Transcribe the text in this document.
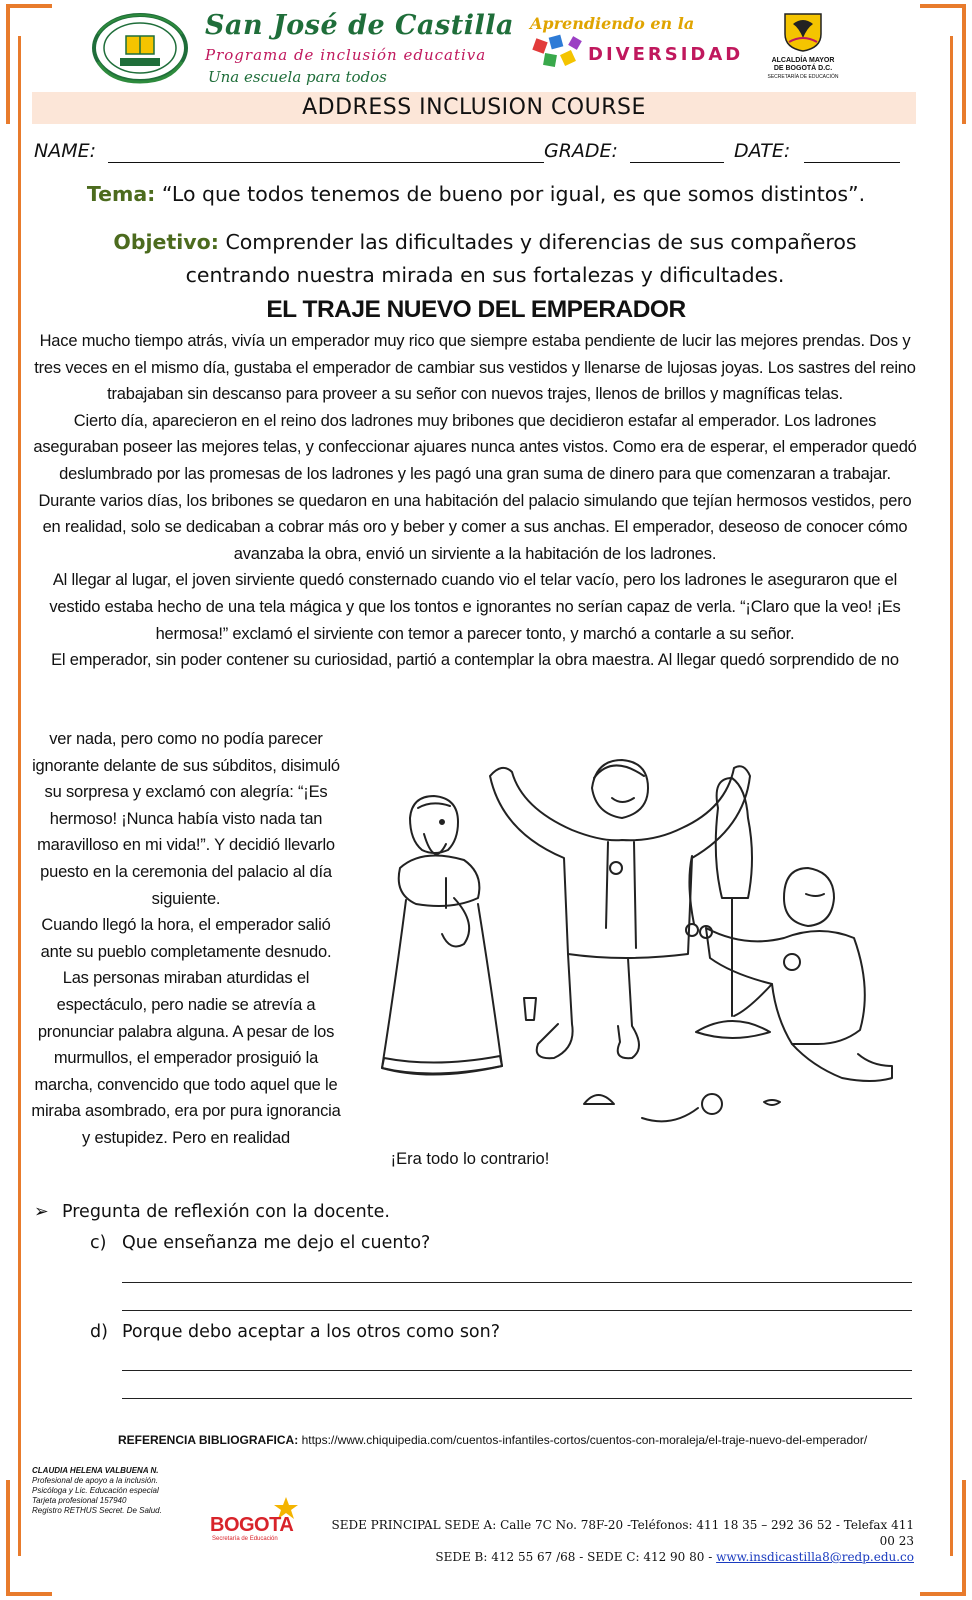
San José de Castilla
Programa de inclusión educativa
Una escuela para todos
Aprendiendo en la
DIVERSIDAD	ALCALDÍA MAYOR
DE BOGOTÁ D.C.
SECRETARÍA DE EDUCACIÓN
ADDRESS INCLUSION COURSE
NAME:	GRADE:	DATE:
Tema: “Lo que todos tenemos de bueno por igual, es que somos distintos”.
Objetivo: Comprender las dificultades y diferencias de sus compañeros centrando nuestra mirada en sus fortalezas y dificultades.
EL TRAJE NUEVO DEL EMPERADOR

Hace mucho tiempo atrás, vivía un emperador muy rico que siempre estaba pendiente de lucir las mejores prendas. Dos y tres veces en el mismo día, gustaba el emperador de cambiar sus vestidos y llenarse de lujosas joyas. Los sastres del reino trabajaban sin descanso para proveer a su señor con nuevos trajes, llenos de brillos y magníficas telas.

Cierto día, aparecieron en el reino dos ladrones muy bribones que decidieron estafar al emperador. Los ladrones aseguraban poseer las mejores telas, y confeccionar ajuares nunca antes vistos. Como era de esperar, el emperador quedó deslumbrado por las promesas de los ladrones y les pagó una gran suma de dinero para que comenzaran a trabajar.

Durante varios días, los bribones se quedaron en una habitación del palacio simulando que tejían hermosos vestidos, pero en realidad, solo se dedicaban a cobrar más oro y beber y comer a sus anchas. El emperador, deseoso de conocer cómo avanzaba la obra, envió un sirviente a la habitación de los ladrones.

Al llegar al lugar, el joven sirviente quedó consternado cuando vio el telar vacío, pero los ladrones le aseguraron que el vestido estaba hecho de una tela mágica y que los tontos e ignorantes no serían capaz de verla. “¡Claro que la veo! ¡Es hermosa!” exclamó el sirviente con temor a parecer tonto, y marchó a contarle a su señor.

El emperador, sin poder contener su curiosidad, partió a contemplar la obra maestra. Al llegar quedó sorprendido de no

ver nada, pero como no podía parecer ignorante delante de sus súbditos, disimuló su sorpresa y exclamó con alegría: “¡Es hermoso! ¡Nunca había visto nada tan maravilloso en mi vida!”. Y decidió llevarlo puesto en la ceremonia del palacio al día siguiente.
Cuando llegó la hora, el emperador salió ante su pueblo completamente desnudo. Las personas miraban aturdidas el espectáculo, pero nadie se atrevía a pronunciar palabra alguna. A pesar de los murmullos, el emperador prosiguió la marcha, convencido que todo aquel que le miraba asombrado, era por pura ignorancia y estupidez. Pero en realidad
¡Era todo lo contrario!
➢ Pregunta de reflexión con la docente.
c) Que enseñanza me dejo el cuento?
d) Porque debo aceptar a los otros como son?
REFERENCIA BIBLIOGRAFICA: https://www.chiquipedia.com/cuentos-infantiles-cortos/cuentos-con-moraleja/el-traje-nuevo-del-emperador/
CLAUDIA HELENA VALBUENA N.
Profesional de apoyo a la inclusión.
Psicóloga y Lic. Educación especial
Tarjeta profesional 157940
Registro RETHUS Secret. De Salud.
BOGOTA
Secretaría de Educación
SEDE PRINCIPAL SEDE A: Calle 7C No. 78F-20 -Teléfonos: 411 18 35 – 292 36 52 - Telefax 411 00 23
SEDE B: 412 55 67 /68 - SEDE C: 412 90 80 - www.insdicastilla8@redp.edu.co
